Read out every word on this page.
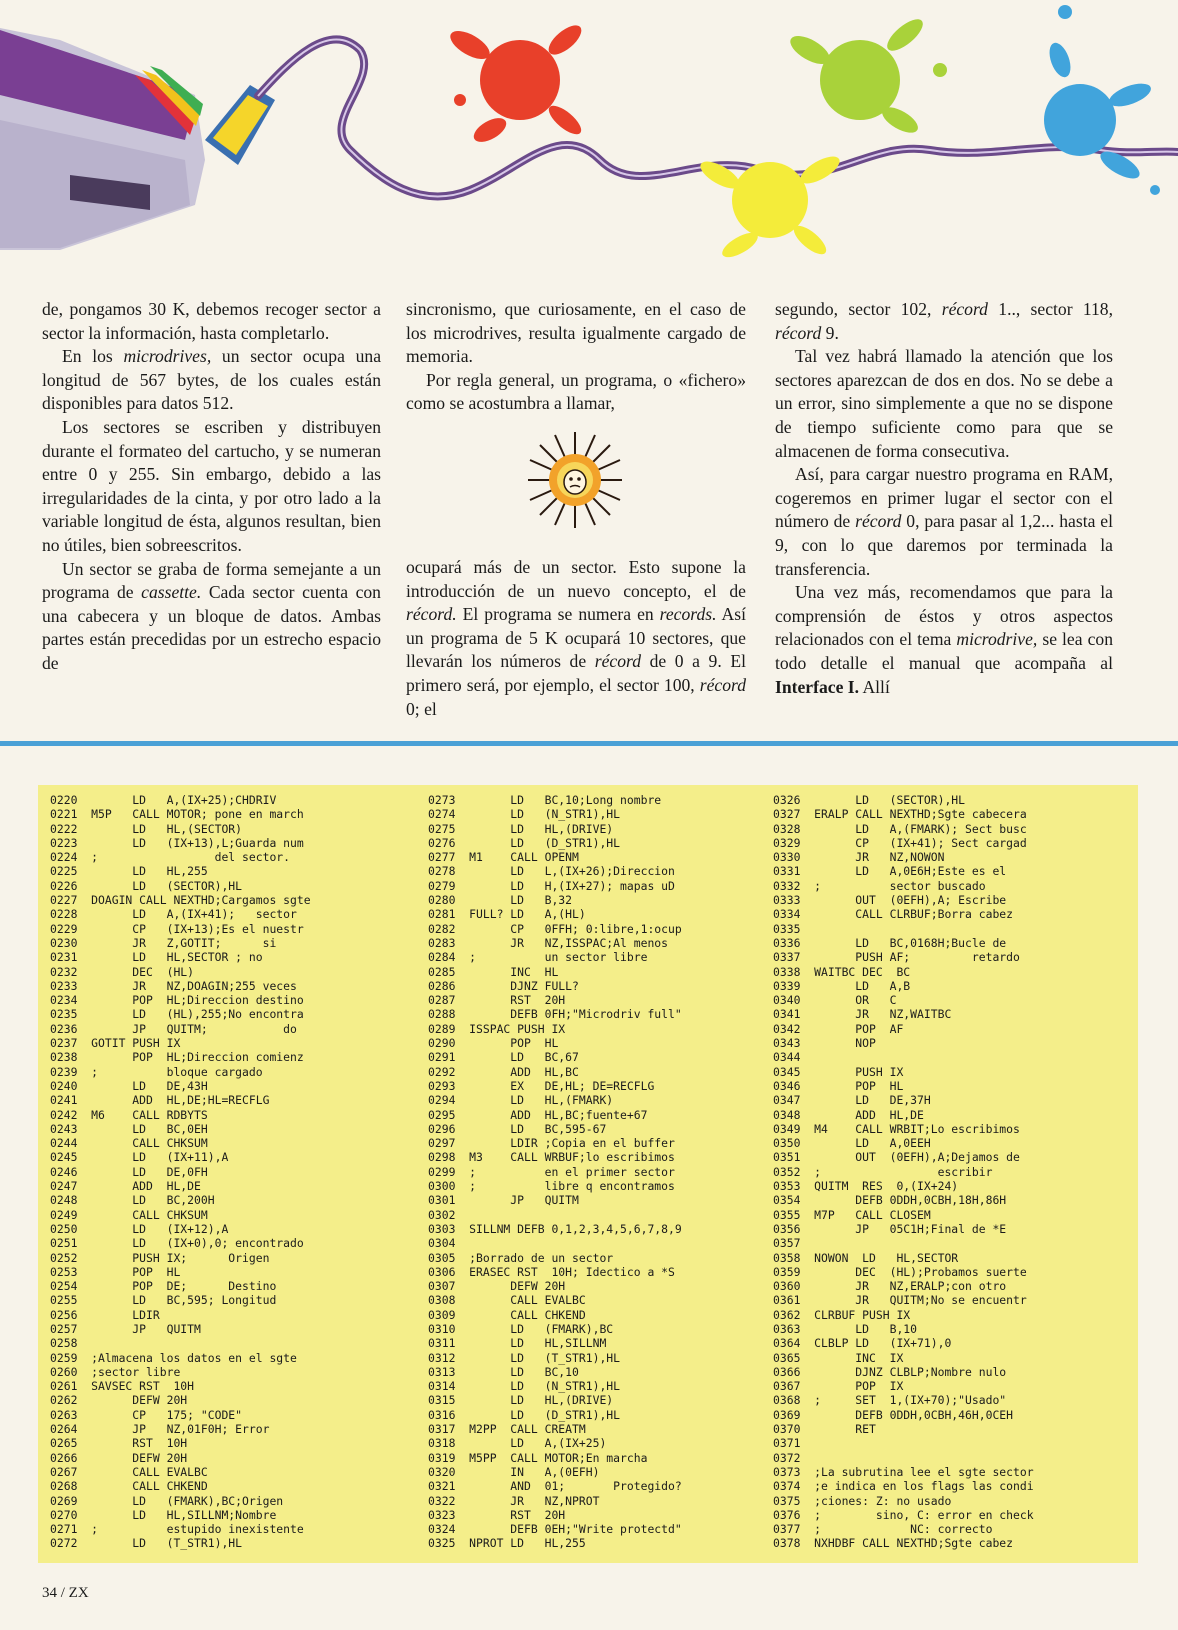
de, pongamos 30 K, debemos recoger sector a sector la información, hasta completarlo.

En los microdrives, un sector ocupa una longitud de 567 bytes, de los cuales están disponibles para datos 512.

Los sectores se escriben y distribuyen durante el formateo del cartucho, y se numeran entre 0 y 255. Sin embargo, debido a las irregularidades de la cinta, y por otro lado a la variable longitud de ésta, algunos resultan, bien no útiles, bien sobreescritos.

Un sector se graba de forma semejante a un programa de cassette. Cada sector cuenta con una cabecera y un bloque de datos. Ambas partes están precedidas por un estrecho espacio de

sincronismo, que curiosamente, en el caso de los microdrives, resulta igualmente cargado de memoria.

Por regla general, un programa, o «fichero» como se acostumbra a llamar,

ocupará más de un sector. Esto supone la introducción de un nuevo concepto, el de récord. El programa se numera en records. Así un programa de 5 K ocupará 10 sectores, que llevarán los números de récord de 0 a 9. El primero será, por ejemplo, el sector 100, récord 0; el

segundo, sector 102, récord 1.., sector 118, récord 9.

Tal vez habrá llamado la atención que los sectores aparezcan de dos en dos. No se debe a un error, sino simplemente a que no se dispone de tiempo suficiente como para que se almacenen de forma consecutiva.

Así, para cargar nuestro programa en RAM, cogeremos en primer lugar el sector con el número de récord 0, para pasar al 1,2... hasta el 9, con lo que daremos por terminada la transferencia.

Una vez más, recomendamos que para la comprensión de éstos y otros aspectos relacionados con el tema microdrive, se lea con todo detalle el manual que acompaña al Interface I. Allí

0220        LD   A,(IX+25);CHDRIV
0221  M5P   CALL MOTOR; pone en march
0222        LD   HL,(SECTOR)
0223        LD   (IX+13),L;Guarda num
0224  ;                 del sector.
0225        LD   HL,255
0226        LD   (SECTOR),HL
0227  DOAGIN CALL NEXTHD;Cargamos sgte
0228        LD   A,(IX+41);   sector
0229        CP   (IX+13);Es el nuestr
0230        JR   Z,GOTIT;      si
0231        LD   HL,SECTOR ; no
0232        DEC  (HL)
0233        JR   NZ,DOAGIN;255 veces
0234        POP  HL;Direccion destino
0235        LD   (HL),255;No encontra
0236        JP   QUITM;           do
0237  GOTIT PUSH IX
0238        POP  HL;Direccion comienz
0239  ;          bloque cargado
0240        LD   DE,43H
0241        ADD  HL,DE;HL=RECFLG
0242  M6    CALL RDBYTS
0243        LD   BC,0EH
0244        CALL CHKSUM
0245        LD   (IX+11),A
0246        LD   DE,0FH
0247        ADD  HL,DE
0248        LD   BC,200H
0249        CALL CHKSUM
0250        LD   (IX+12),A
0251        LD   (IX+0),0; encontrado
0252        PUSH IX;      Origen
0253        POP  HL
0254        POP  DE;      Destino
0255        LD   BC,595; Longitud
0256        LDIR
0257        JP   QUITM
0258
0259  ;Almacena los datos en el sgte
0260  ;sector libre
0261  SAVSEC RST  10H
0262        DEFW 20H
0263        CP   175; "CODE"
0264        JP   NZ,01F0H; Error
0265        RST  10H
0266        DEFW 20H
0267        CALL EVALBC
0268        CALL CHKEND
0269        LD   (FMARK),BC;Origen
0270        LD   HL,SILLNM;Nombre
0271  ;          estupido inexistente
0272        LD   (T_STR1),HL
0273        LD   BC,10;Long nombre
0274        LD   (N_STR1),HL
0275        LD   HL,(DRIVE)
0276        LD   (D_STR1),HL
0277  M1    CALL OPENM
0278        LD   L,(IX+26);Direccion
0279        LD   H,(IX+27); mapas uD
0280        LD   B,32
0281  FULL? LD   A,(HL)
0282        CP   0FFH; 0:libre,1:ocup
0283        JR   NZ,ISSPAC;Al menos
0284  ;          un sector libre
0285        INC  HL
0286        DJNZ FULL?
0287        RST  20H
0288        DEFB 0FH;"Microdriv full"
0289  ISSPAC PUSH IX
0290        POP  HL
0291        LD   BC,67
0292        ADD  HL,BC
0293        EX   DE,HL; DE=RECFLG
0294        LD   HL,(FMARK)
0295        ADD  HL,BC;fuente+67
0296        LD   BC,595-67
0297        LDIR ;Copia en el buffer
0298  M3    CALL WRBUF;lo escribimos
0299  ;          en el primer sector
0300  ;          libre q encontramos
0301        JP   QUITM
0302
0303  SILLNM DEFB 0,1,2,3,4,5,6,7,8,9
0304
0305  ;Borrado de un sector
0306  ERASEC RST  10H; Idectico a *S
0307        DEFW 20H
0308        CALL EVALBC
0309        CALL CHKEND
0310        LD   (FMARK),BC
0311        LD   HL,SILLNM
0312        LD   (T_STR1),HL
0313        LD   BC,10
0314        LD   (N_STR1),HL
0315        LD   HL,(DRIVE)
0316        LD   (D_STR1),HL
0317  M2PP  CALL CREATM
0318        LD   A,(IX+25)
0319  M5PP  CALL MOTOR;En marcha
0320        IN   A,(0EFH)
0321        AND  01;       Protegido?
0322        JR   NZ,NPROT
0323        RST  20H
0324        DEFB 0EH;"Write protectd"
0325  NPROT LD   HL,255
0326        LD   (SECTOR),HL
0327  ERALP CALL NEXTHD;Sgte cabecera
0328        LD   A,(FMARK); Sect busc
0329        CP   (IX+41); Sect cargad
0330        JR   NZ,NOWON
0331        LD   A,0E6H;Este es el
0332  ;          sector buscado
0333        OUT  (0EFH),A; Escribe
0334        CALL CLRBUF;Borra cabez
0335
0336        LD   BC,0168H;Bucle de
0337        PUSH AF;         retardo
0338  WAITBC DEC  BC
0339        LD   A,B
0340        OR   C
0341        JR   NZ,WAITBC
0342        POP  AF
0343        NOP
0344
0345        PUSH IX
0346        POP  HL
0347        LD   DE,37H
0348        ADD  HL,DE
0349  M4    CALL WRBIT;Lo escribimos
0350        LD   A,0EEH
0351        OUT  (0EFH),A;Dejamos de
0352  ;                 escribir
0353  QUITM  RES  0,(IX+24)
0354        DEFB 0DDH,0CBH,18H,86H
0355  M7P   CALL CLOSEM
0356        JP   05C1H;Final de *E
0357
0358  NOWON  LD   HL,SECTOR
0359        DEC  (HL);Probamos suerte
0360        JR   NZ,ERALP;con otro
0361        JR   QUITM;No se encuentr
0362  CLRBUF PUSH IX
0363        LD   B,10
0364  CLBLP LD   (IX+71),0
0365        INC  IX
0366        DJNZ CLBLP;Nombre nulo
0367        POP  IX
0368  ;     SET  1,(IX+70);"Usado"
0369        DEFB 0DDH,0CBH,46H,0CEH
0370        RET
0371
0372
0373  ;La subrutina lee el sgte sector
0374  ;e indica en los flags las condi
0375  ;ciones: Z: no usado
0376  ;        sino, C: error en check
0377  ;             NC: correcto
0378  NXHDBF CALL NEXTHD;Sgte cabez
34 / ZX
